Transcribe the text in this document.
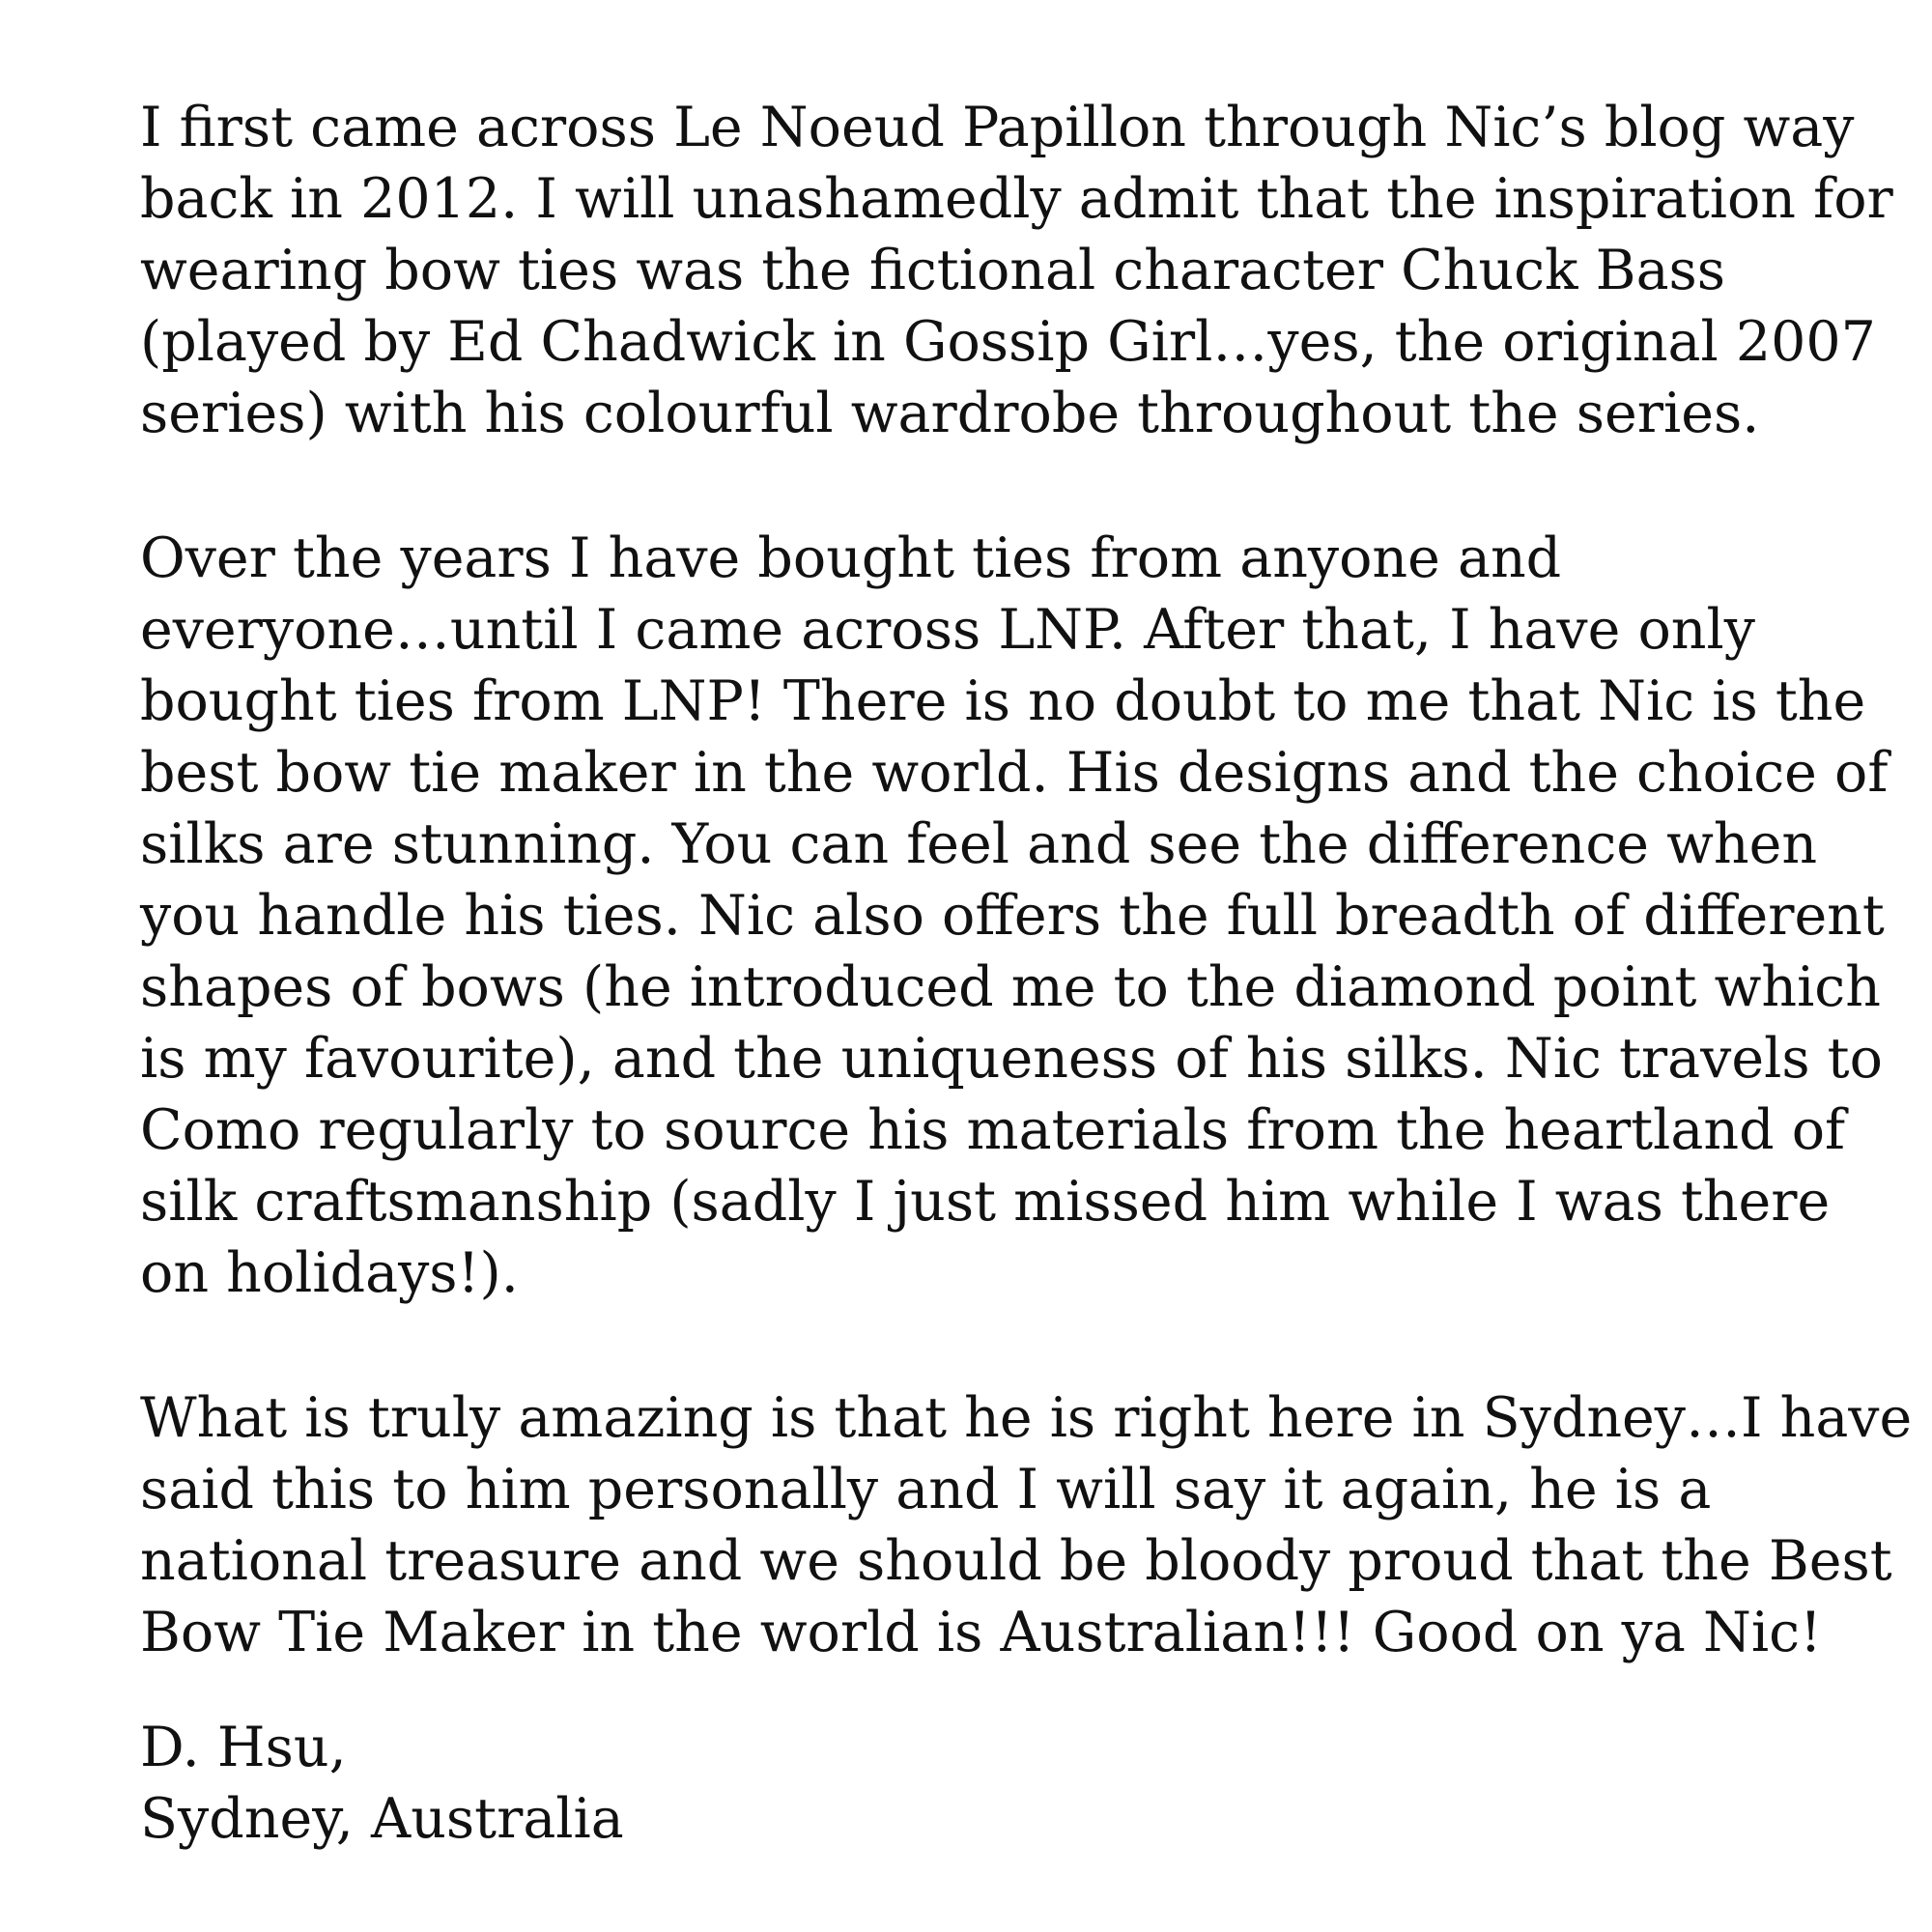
I first came across Le Noeud Papillon through Nic’s blog way
back in 2012. I will unashamedly admit that the inspiration for
wearing bow ties was the fictional character Chuck Bass
(played by Ed Chadwick in Gossip Girl…yes, the original 2007
series) with his colourful wardrobe throughout the series.

Over the years I have bought ties from anyone and
everyone…until I came across LNP. After that, I have only
bought ties from LNP! There is no doubt to me that Nic is the
best bow tie maker in the world. His designs and the choice of
silks are stunning. You can feel and see the difference when
you handle his ties. Nic also offers the full breadth of different
shapes of bows (he introduced me to the diamond point which
is my favourite), and the uniqueness of his silks. Nic travels to
Como regularly to source his materials from the heartland of
silk craftsmanship (sadly I just missed him while I was there
on holidays!).

What is truly amazing is that he is right here in Sydney…I have
said this to him personally and I will say it again, he is a
national treasure and we should be bloody proud that the Best
Bow Tie Maker in the world is Australian!!! Good on ya Nic!

D. Hsu,
Sydney, Australia
